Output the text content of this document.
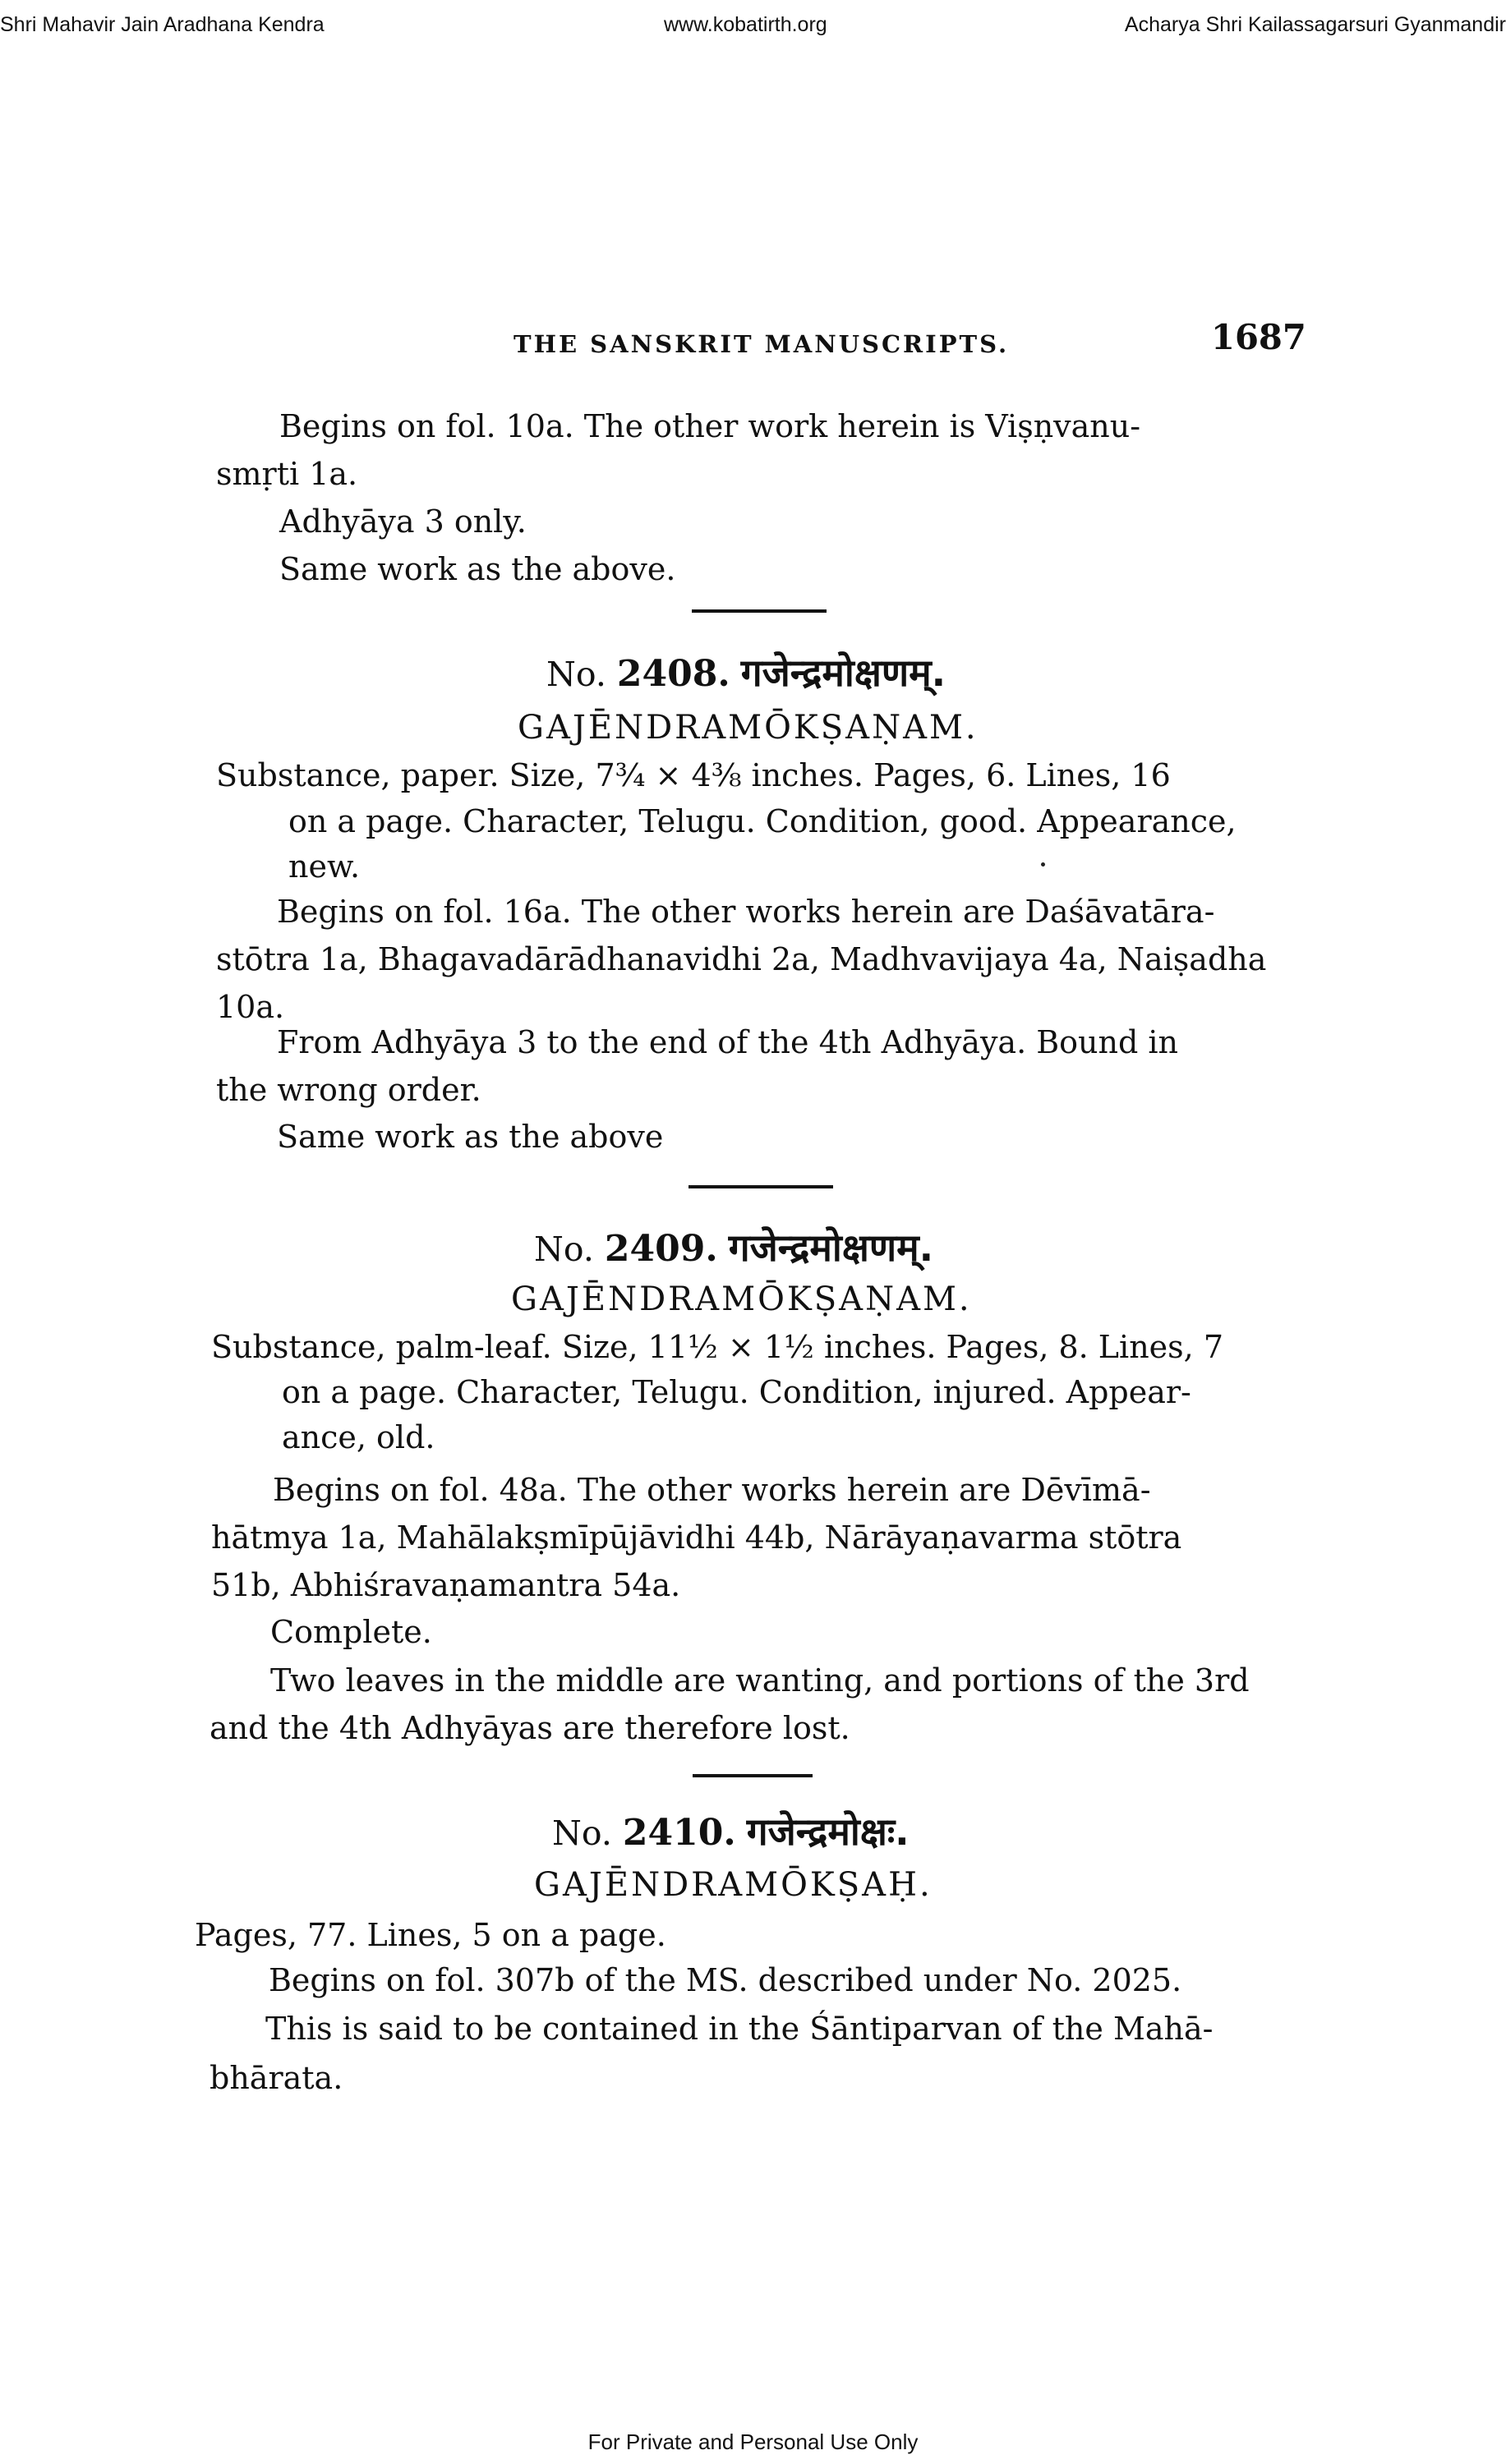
Shri Mahavir Jain Aradhana Kendra	www.kobatirth.org	Acharya Shri Kailassagarsuri Gyanmandir
THE SANSKRIT MANUSCRIPTS.	1687
Begins on fol. 10a. The other work herein is Viṣṇvanu-
smṛti 1a.
Adhyāya 3 only.
Same work as the above.
No. 2408. गजेन्द्रमोक्षणम्.
GAJĒNDRAMŌKṢAṆAM.
Substance, paper. Size, 7¾ × 4⅜ inches. Pages, 6. Lines, 16
on a page. Character, Telugu. Condition, good. Appearance,
new.
Begins on fol. 16a. The other works herein are Daśāvatāra-
stōtra 1a, Bhagavadārādhanavidhi 2a, Madhvavijaya 4a, Naiṣadha
10a.
From Adhyāya 3 to the end of the 4th Adhyāya. Bound in
the wrong order.
Same work as the above
No. 2409. गजेन्द्रमोक्षणम्.
GAJĒNDRAMŌKṢAṆAM.
Substance, palm-leaf. Size, 11½ × 1½ inches. Pages, 8. Lines, 7
on a page. Character, Telugu. Condition, injured. Appear-
ance, old.
Begins on fol. 48a. The other works herein are Dēvīmā-
hātmya 1a, Mahālakṣmīpūjāvidhi 44b, Nārāyaṇavarma stōtra
51b, Abhiśravaṇamantra 54a.
Complete.
Two leaves in the middle are wanting, and portions of the 3rd
and the 4th Adhyāyas are therefore lost.
No. 2410. गजेन्द्रमोक्षः.
GAJĒNDRAMŌKṢAḤ.
Pages, 77. Lines, 5 on a page.
Begins on fol. 307b of the MS. described under No. 2025.
This is said to be contained in the Śāntiparvan of the Mahā-
bhārata.
For Private and Personal Use Only
